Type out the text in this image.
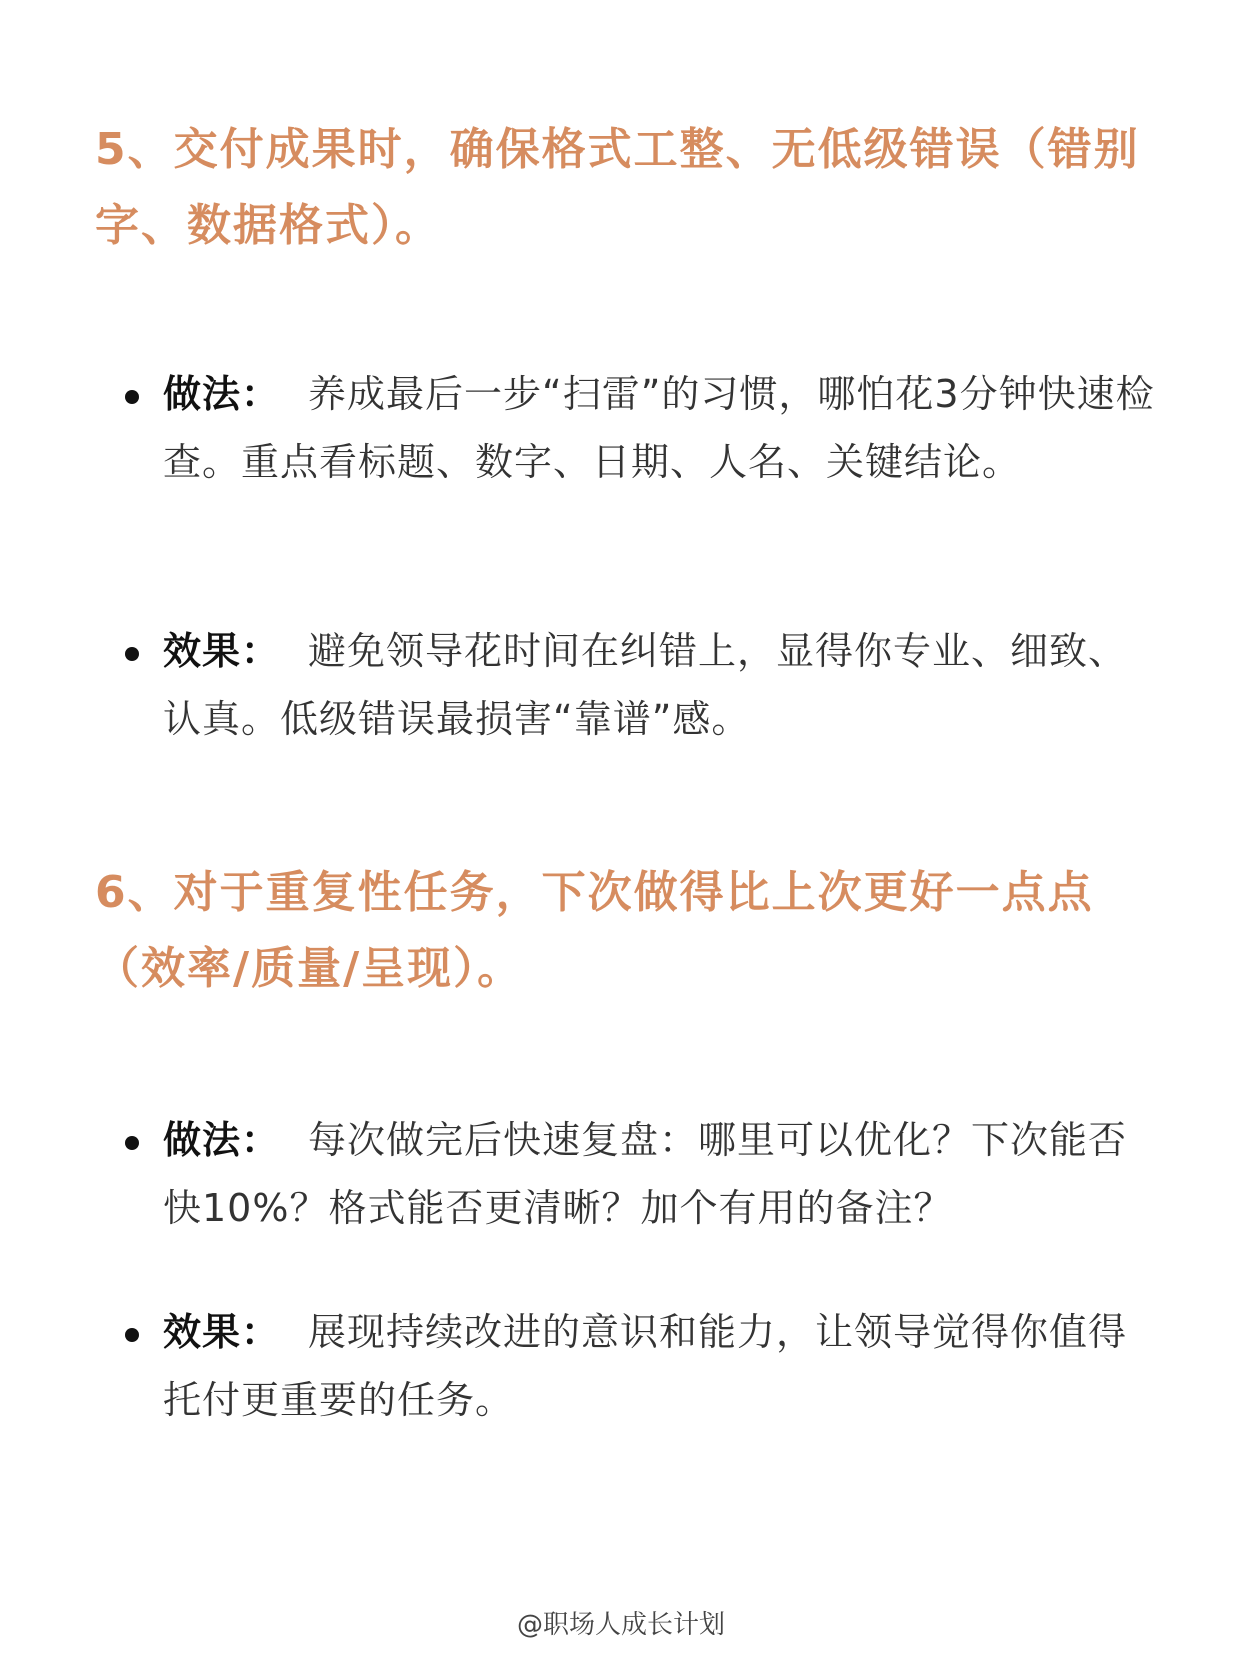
5、交付成果时，确保格式工整、无低级错误（错别字、数据格式）。
做法： 养成最后一步“扫雷”的习惯，哪怕花3分钟快速检查。重点看标题、数字、日期、人名、关键结论。
效果： 避免领导花时间在纠错上，显得你专业、细致、认真。低级错误最损害“靠谱”感。
6、对于重复性任务，下次做得比上次更好一点点（效率/质量/呈现）。
做法： 每次做完后快速复盘：哪里可以优化？下次能否快10%？格式能否更清晰？加个有用的备注？
效果： 展现持续改进的意识和能力，让领导觉得你值得托付更重要的任务。
@职场人成长计划
